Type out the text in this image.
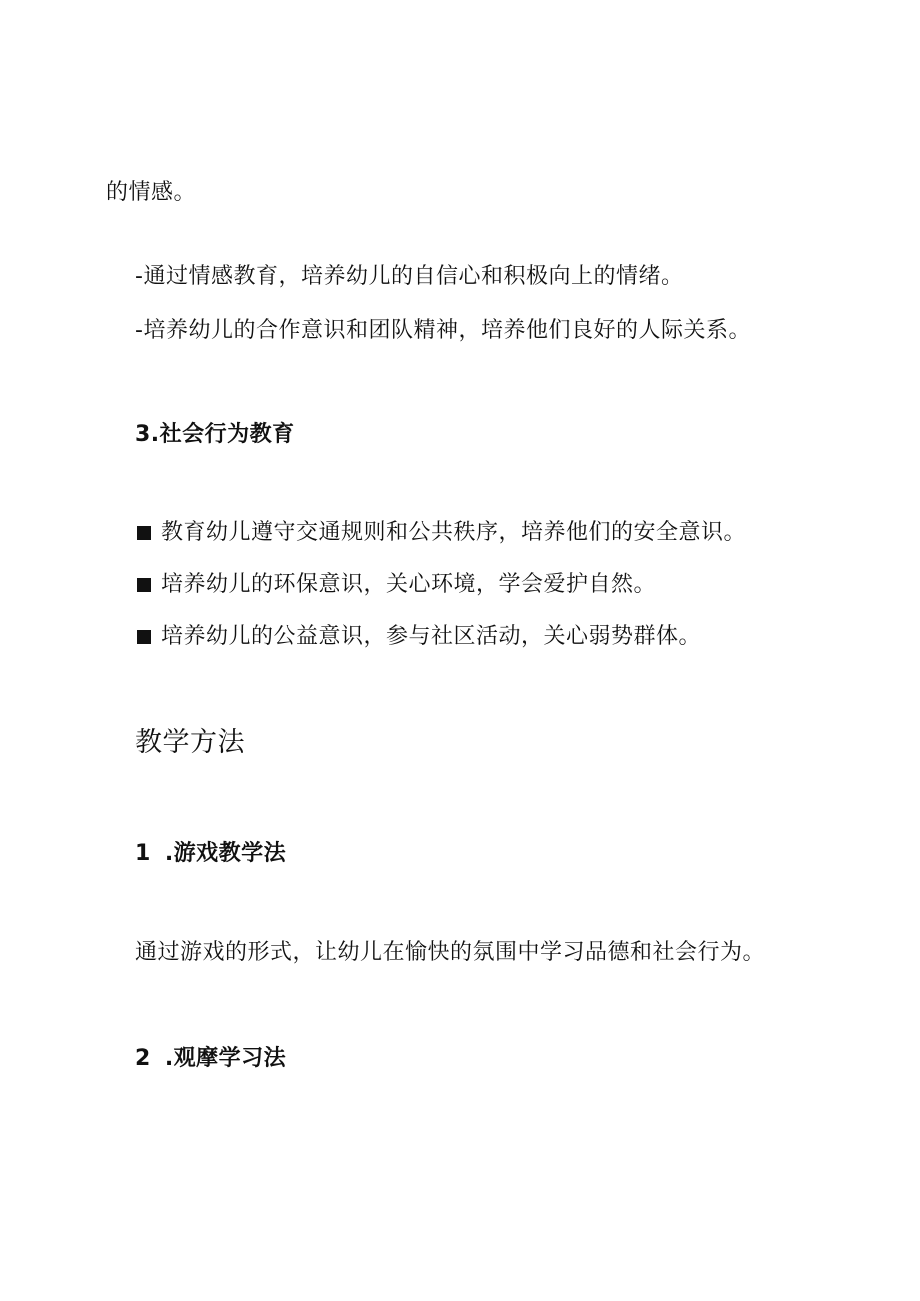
的情感。
-通过情感教育，培养幼儿的自信心和积极向上的情绪。
-培养幼儿的合作意识和团队精神，培养他们良好的人际关系。
3.社会行为教育
教育幼儿遵守交通规则和公共秩序，培养他们的安全意识。
培养幼儿的环保意识，关心环境，学会爱护自然。
培养幼儿的公益意识，参与社区活动，关心弱势群体。
教学方法
1 .游戏教学法
通过游戏的形式，让幼儿在愉快的氛围中学习品德和社会行为。
2 .观摩学习法
